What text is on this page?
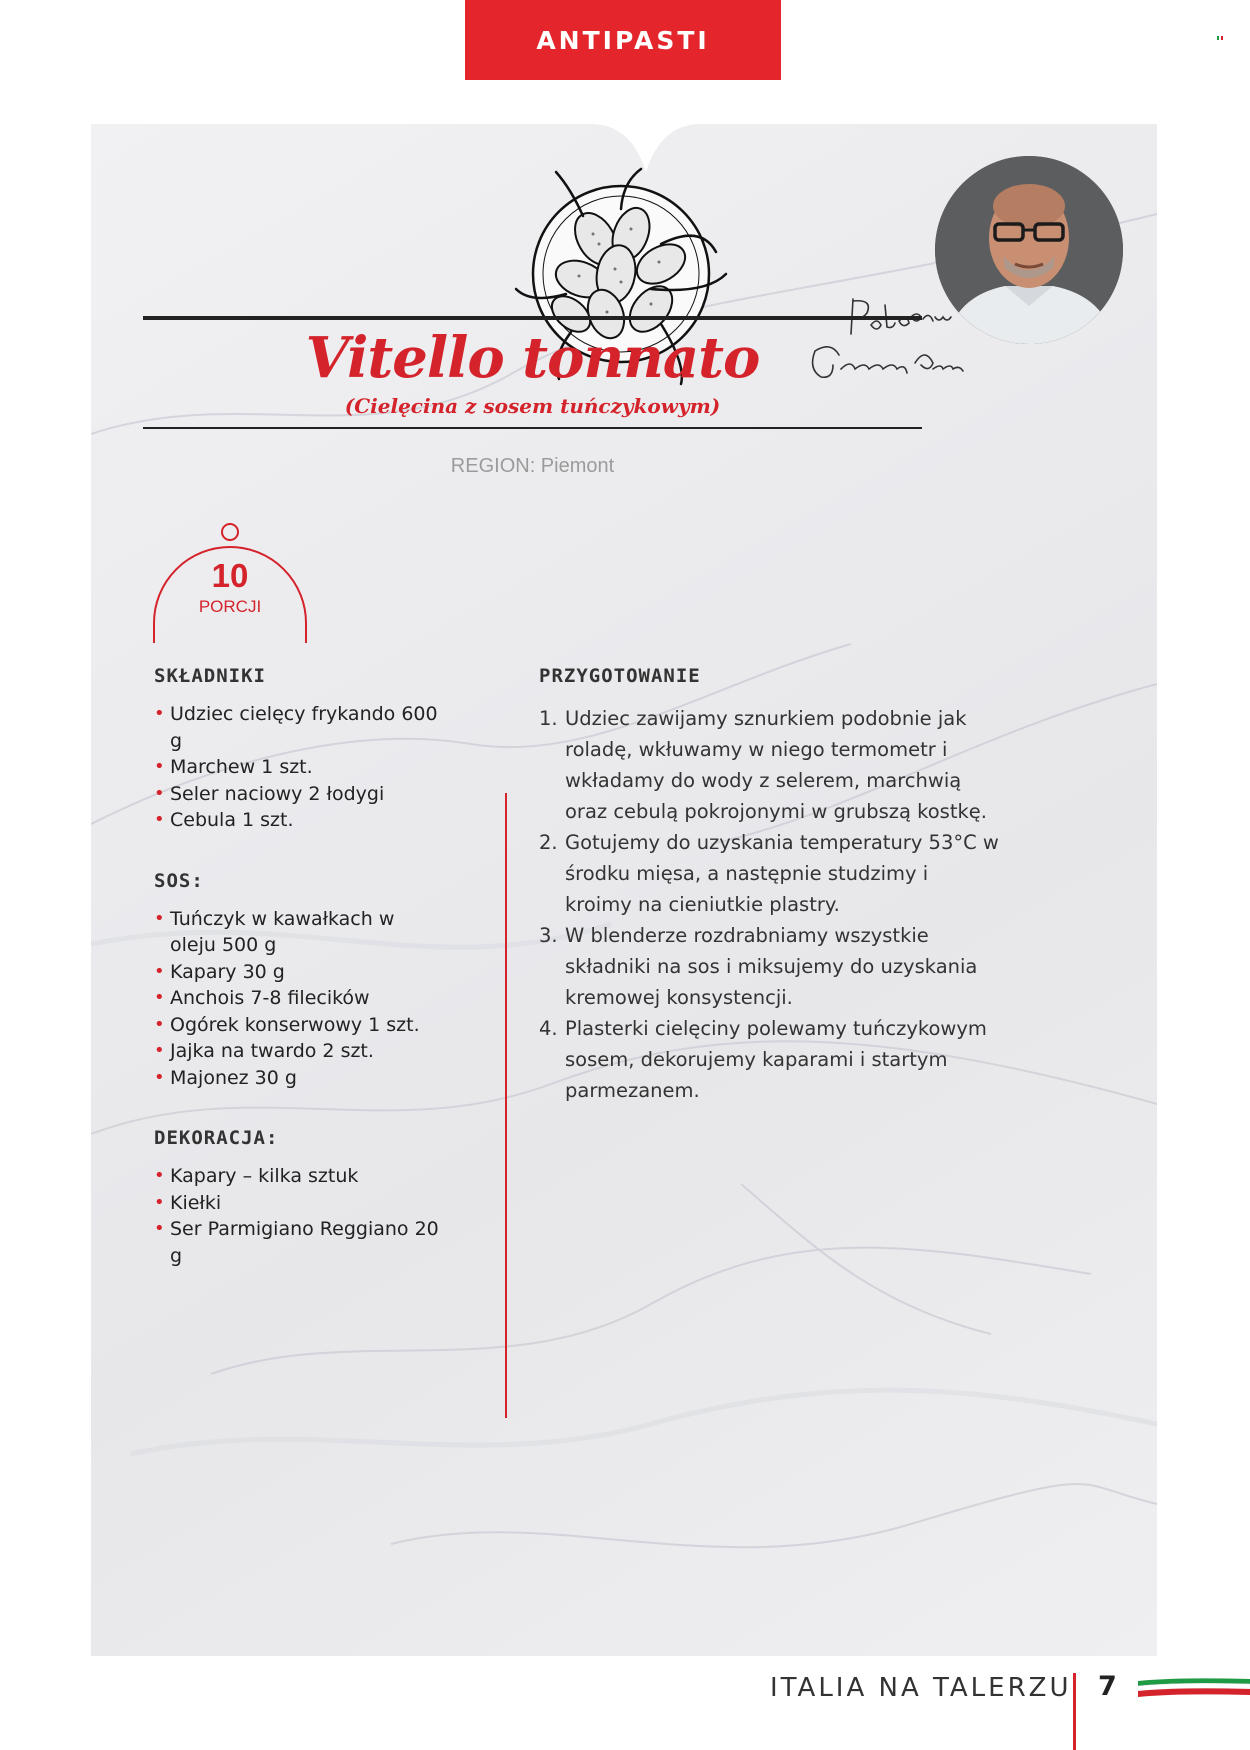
ANTIPASTI
Vitello tonnato
(Cielęcina z sosem tuńczykowym)
REGION: Piemont
10
PORCJI
SKŁADNIKI
• Udziec cielęcy frykando 600 g
• Marchew 1 szt.
• Seler naciowy 2 łodygi
• Cebula 1 szt.
SOS:
• Tuńczyk w kawałkach w oleju 500 g
• Kapary 30 g
• Anchois 7-8 filecików
• Ogórek konserwowy 1 szt.
• Jajka na twardo 2 szt.
• Majonez 30 g
DEKORACJA:
• Kapary – kilka sztuk
• Kiełki
• Ser Parmigiano Reggiano 20 g
PRZYGOTOWANIE
1. Udziec zawijamy sznurkiem podobnie jak roladę, wkłuwamy w niego termometr i wkładamy do wody z selerem, marchwią oraz cebulą pokrojonymi w grubszą kostkę.
2. Gotujemy do uzyskania temperatury 53°C w środku mięsa, a następnie studzimy i kroimy na cieniutkie plastry.
3. W blenderze rozdrabniamy wszystkie składniki na sos i miksujemy do uzyskania kremowej konsystencji.
4. Plasterki cielęciny polewamy tuńczykowym sosem, dekorujemy kaparami i startym parmezanem.
ITALIA NA TALERZU 7
